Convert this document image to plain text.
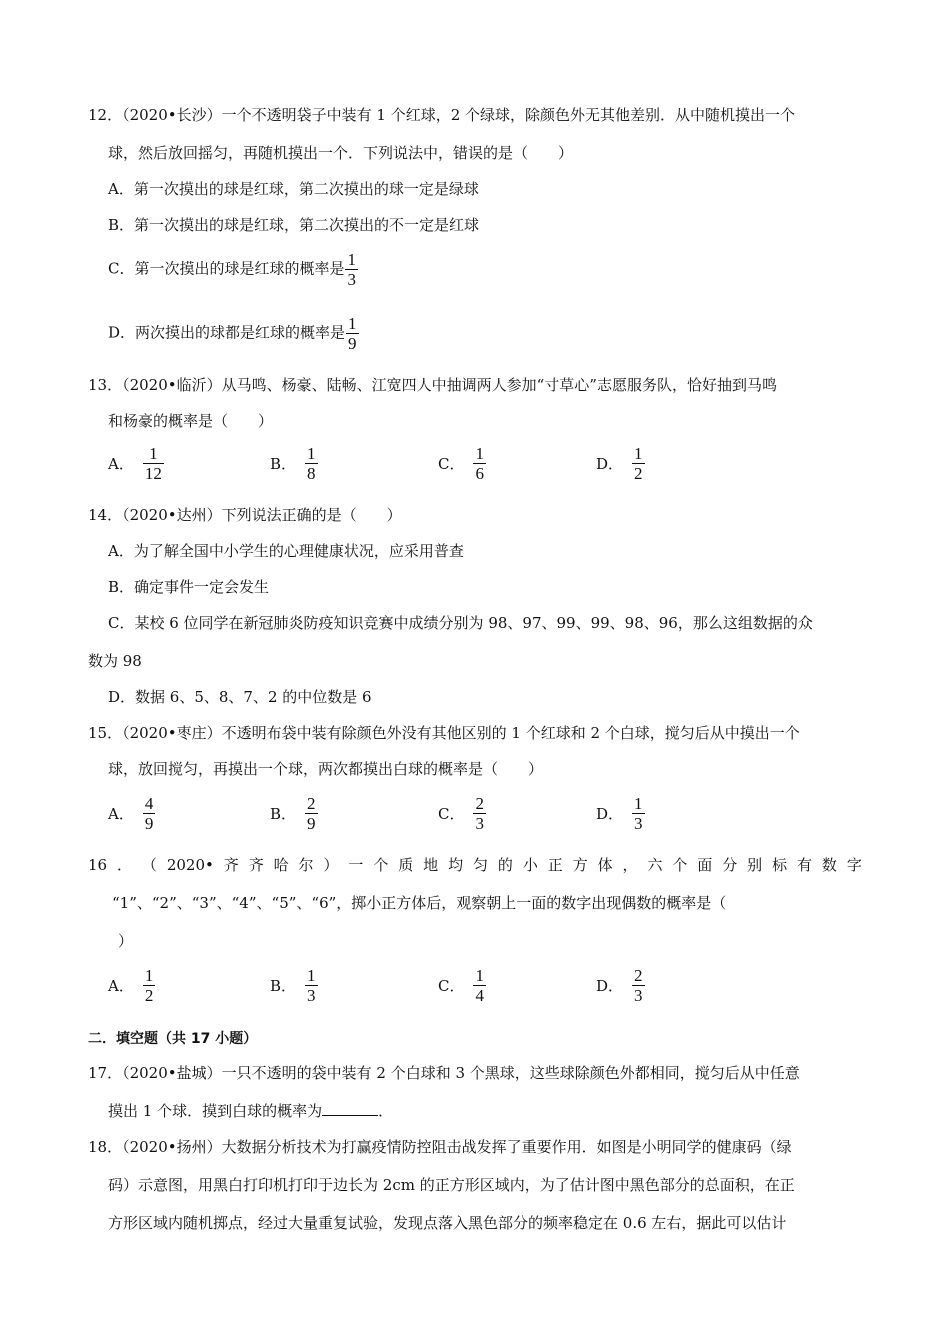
12．（2020•长沙）一个不透明袋子中装有 1 个红球，2 个绿球，除颜色外无其他差别．从中随机摸出一个
球，然后放回摇匀，再随机摸出一个．下列说法中，错误的是（　　）
A．第一次摸出的球是红球，第二次摸出的球一定是绿球
B．第一次摸出的球是红球，第二次摸出的不一定是红球
C．第一次摸出的球是红球的概率是 $\frac{1}{3}$
D．两次摸出的球都是红球的概率是 $\frac{1}{9}$
13．（2020•临沂）从马鸣、杨豪、陆畅、江宽四人中抽调两人参加“寸草心”志愿服务队，恰好抽到马鸣
和杨豪的概率是（　　）
A． $\frac{1}{12}$	B． $\frac{1}{8}$	C． $\frac{1}{6}$	D． $\frac{1}{2}$
14．（2020•达州）下列说法正确的是（　　）
A．为了解全国中小学生的心理健康状况，应采用普查
B．确定事件一定会发生
C．某校 6 位同学在新冠肺炎防疫知识竞赛中成绩分别为 98、97、99、99、98、96，那么这组数据的众
数为 98
D．数据 6、5、8、7、2 的中位数是 6
15．（2020•枣庄）不透明布袋中装有除颜色外没有其他区别的 1 个红球和 2 个白球，搅匀后从中摸出一个
球，放回搅匀，再摸出一个球，两次都摸出白球的概率是（　　）
A． $\frac{4}{9}$	B． $\frac{2}{9}$	C． $\frac{2}{3}$	D． $\frac{1}{3}$
16 ． （ 2020• 齐 齐 哈 尔 ） 一 个 质 地 均 匀 的 小 正 方 体 ， 六 个 面 分 别 标 有 数 字
“1”、“2”、“3”、“4”、“5”、“6”，掷小正方体后，观察朝上一面的数字出现偶数的概率是（
）
A． $\frac{1}{2}$	B． $\frac{1}{3}$	C． $\frac{1}{4}$	D． $\frac{2}{3}$
二．填空题（共 17 小题）
17．（2020•盐城）一只不透明的袋中装有 2 个白球和 3 个黑球，这些球除颜色外都相同，搅匀后从中任意
摸出 1 个球．摸到白球的概率为	．
18．（2020•扬州）大数据分析技术为打赢疫情防控阻击战发挥了重要作用．如图是小明同学的健康码（绿
码）示意图，用黑白打印机打印于边长为 2cm 的正方形区域内，为了估计图中黑色部分的总面积，在正
方形区域内随机掷点，经过大量重复试验，发现点落入黑色部分的频率稳定在 0.6 左右，据此可以估计
